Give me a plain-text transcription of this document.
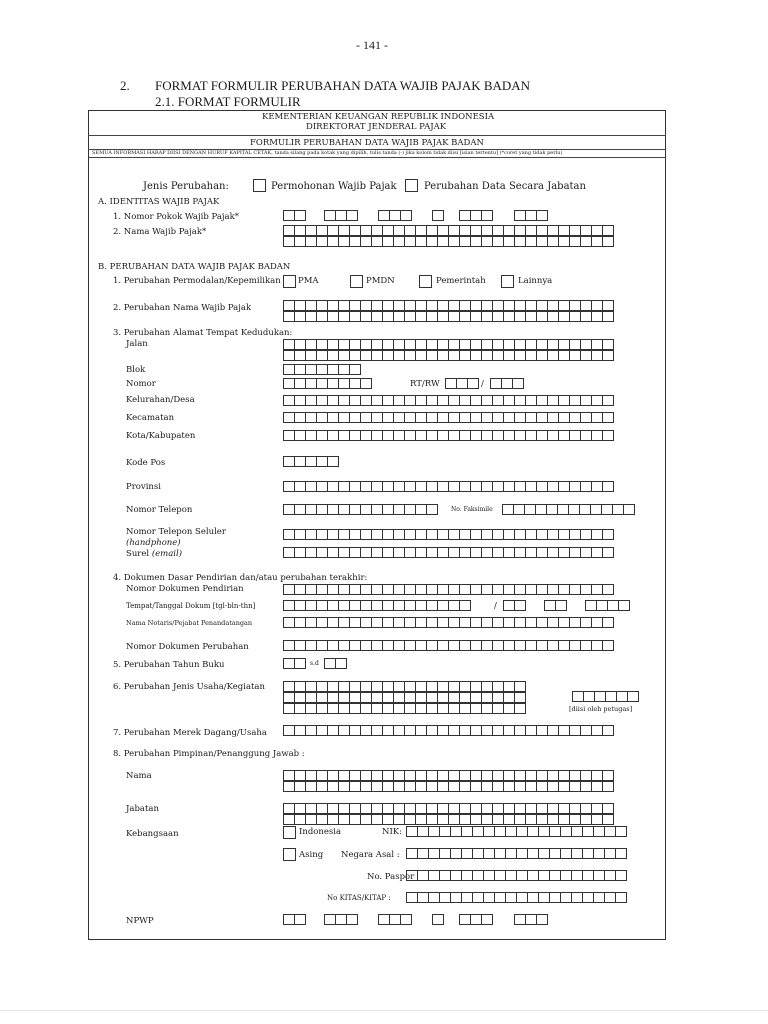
- 141 -
2. FORMAT FORMULIR PERUBAHAN DATA WAJIB PAJAK BADAN
2.1. FORMAT FORMULIR
KEMENTERIAN KEUANGAN REPUBLIK INDONESIA
DIREKTORAT JENDERAL PAJAK
FORMULIR PERUBAHAN DATA WAJIB PAJAK BADAN
SEMUA INFORMASI HARAP DIISI DENGAN HURUF KAPITAL CETAK, tanda silang pada kotak yang dipilih, tulis tanda (-) jika kolom tidak diisi [isian tertentu] (*coret yang tidak perlu)
Jenis Perubahan:	Permohonan Wajib Pajak	Perubahan Data Secara Jabatan
A. IDENTITAS WAJIB PAJAK
1. Nomor Pokok Wajib Pajak*
2. Nama Wajib Pajak*
B. PERUBAHAN DATA WAJIB PAJAK BADAN
1. Perubahan Permodalan/Kepemilikan PMA	PMDN	Pemerintah	Lainnya
2. Perubahan Nama Wajib Pajak
3. Perubahan Alamat Tempat Kedudukan:
Jalan
Blok
Nomor	RT/RW	/
Kelurahan/Desa
Kecamatan
Kota/Kabupaten
Kode Pos
Provinsi
Nomor Telepon	No. Faksimile
Nomor Telepon Seluler
(handphone)
Surel (email)
4. Dokumen Dasar Pendirian dan/atau perubahan terakhir:
Nomor Dokumen Pendirian
Tempat/Tanggal Dokum [tgl-bln-thn]	/
Nama Notaris/Pejabat Penandatangan
Nomor Dokumen Perubahan
5. Perubahan Tahun Buku	s.d
6. Perubahan Jenis Usaha/Kegiatan
[diisi oleh petugas]
7. Perubahan Merek Dagang/Usaha
8. Perubahan Pimpinan/Penanggung Jawab :
Nama
Jabatan
Kebangsaan	Indonesia	NIK:
Asing Negara Asal :
No. Paspor
No KITAS/KITAP :
NPWP
